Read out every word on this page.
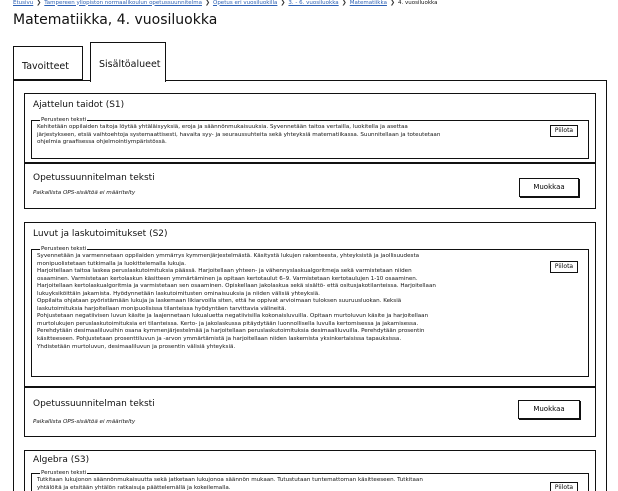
Etusivu ❯ Tampereen yliopiston normaalikoulun opetussuunnitelma ❯ Opetus eri vuosiluokilla ❯ 3. - 6. vuosiluokka ❯ Matematiikka ❯ 4. vuosiluokka
Matematiikka, 4. vuosiluokka
Tavoitteet	Sisältöalueet
Ajattelun taidot (S1)
Perusteen teksti
Kehitetään oppilaiden taitoja löytää yhtäläisyyksiä, eroja ja säännönmukaisuuksia. Syvennetään taitoa vertailla, luokitella ja asettaa
järjestykseen, etsiä vaihtoehtoja systemaattisesti, havaita syy- ja seuraussuhteita sekä yhteyksiä matematiikassa. Suunnitellaan ja toteutetaan
ohjelmia graafisessa ohjelmointiympäristössä.
Piilota
Opetussuunnitelman teksti
Paikallista OPS-sisältöä ei määritelty
Muokkaa
Luvut ja laskutoimitukset (S2)
Perusteen teksti
Syvennetään ja varmennetaan oppilaiden ymmärrys kymmenjärjestelmästä. Käsitystä lukujen rakenteesta, yhteyksistä ja jaollisuudesta
monipuolistetaan tutkimalla ja luokittelemalla lukuja.
Harjoitellaan taitoa laskea peruslaskutoimituksia päässä. Harjoitellaan yhteen- ja vähennyslaskualgoritmeja sekä varmistetaan niiden
osaaminen. Varmistetaan kertolaskun käsitteen ymmärtäminen ja opitaan kertotaulut 6–9. Varmistetaan kertotaulujen 1-10 osaaminen.
Harjoitellaan kertolaskualgoritmia ja varmistetaan sen osaaminen. Opiskellaan jakolaskua sekä sisältö- että ositusjakotilanteissa. Harjoitellaan
lukuyksiköittäin jakamista. Hyödynnetään laskutoimitusten ominaisuuksia ja niiden välisiä yhteyksiä.
Oppilaita ohjataan pyöristämään lukuja ja laskemaan likiarvoilla siten, että he oppivat arvioimaan tuloksen suuruusluokan. Keksiä
laskutoimituksia harjoitellaan monipuolisissa tilanteissa hyödyntäen tarvittavia välineitä.
Pohjustetaan negatiivisen luvun käsite ja laajennetaan lukualuetta negatiivisilla kokonaisluvuilla. Opitaan murtoluvun käsite ja harjoitellaan
murtolukujen peruslaskutoimituksia eri tilanteissa. Kerto- ja jakolaskussa pitäydytään luonnollisella luvulla kertomisessa ja jakamisessa.
Perehdytään desimaaliluvuihin osana kymmenjärjestelmää ja harjoitellaan peruslaskutoimituksia desimaaliluvuilla. Perehdytään prosentin
käsitteeseen. Pohjustetaan prosenttiluvun ja -arvon ymmärtämistä ja harjoitellaan niiden laskemista yksinkertaisissa tapauksissa.
Yhdistetään murtoluvun, desimaaliluvun ja prosentin välisiä yhteyksiä.
Piilota
Opetussuunnitelman teksti
Paikallista OPS-sisältöä ei määritelty
Muokkaa
Algebra (S3)
Perusteen teksti
Tutkitaan lukujonon säännönmukaisuutta sekä jatketaan lukujonoa säännön mukaan. Tutustutaan tuntemattoman käsitteeseen. Tutkitaan
yhtälöitä ja etsitään yhtälön ratkaisuja päättelemällä ja kokeilemalla.	Piilota
